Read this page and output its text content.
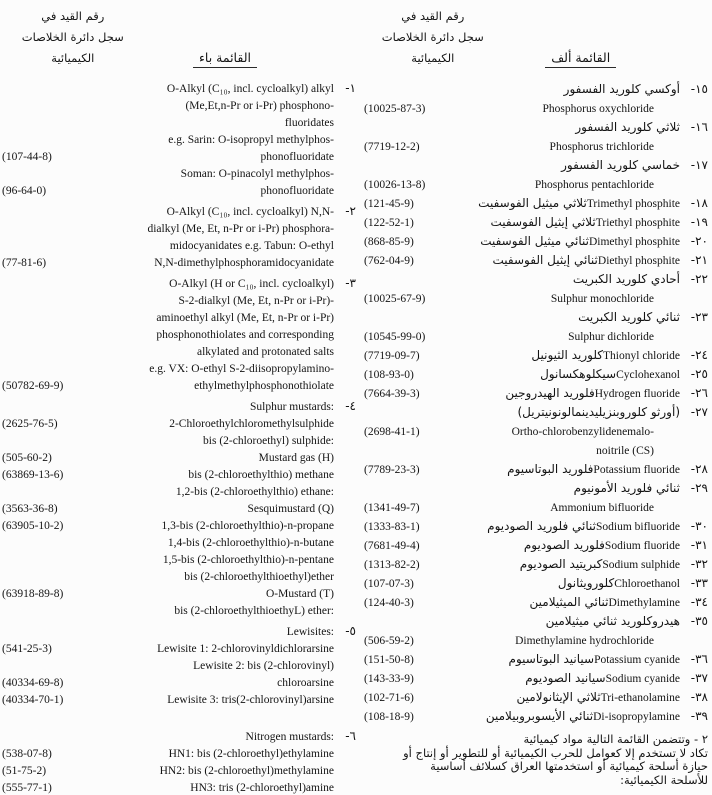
رقم القيد في
سجل دائرة الخلاصات
الكيميائية	القائمة باء
O-Alkyl (C₁₀, incl. cycloalkyl) alkyl ١-
(Me,Et,n-Pr or i-Pr) phosphono-
fluoridates
e.g. Sarin: O-isopropyl methylphos-
(107-44-8)	phonofluoridate
Soman: O-pinacolyl methylphos-
(96-64-0)	phonofluoridate
O-Alkyl (C₁₀, incl. cycloalkyl) N,N- ٢-
dialkyl (Me, Et, n-Pr or i-Pr) phosphora-
midocyanidates e.g. Tabun: O-ethyl
(77-81-6)	N,N-dimethylphosphoramidocyanidate
O-Alkyl (H or C₁₀, incl. cycloalkyl) ٣-
S-2-dialkyl (Me, Et, n-Pr or i-Pr)-
aminoethyl alkyl (Me, Et, n-Pr or i-Pr)
phosphonothiolates and corresponding
alkylated and protonated salts
e.g. VX: O-ethyl S-2-diisopropylamino-
(50782-69-9)	ethylmethylphosphonothiolate
Sulphur mustards: ٤-
(2625-76-5)	2-Chloroethylchloromethylsulphide
bis (2-chloroethyl) sulphide:
(505-60-2)	Mustard gas (H)
(63869-13-6)	bis (2-chloroethylthio) methane
1,2-bis (2-chloroethylthio) ethane:
(3563-36-8)	Sesquimustard (Q)
(63905-10-2)	1,3-bis (2-chloroethylthio)-n-propane
1,4-bis (2-chloroethylthio)-n-butane
1,5-bis (2-chloroethylthio)-n-pentane
bis (2-chloroethylthioethyl)ether
(63918-89-8)	O-Mustard (T)
bis (2-chloroethylthioethyL) ether:
Lewisites: ٥-
(541-25-3)	Lewisite 1: 2-chlorovinyldichlorarsine
Lewisite 2: bis (2-chlorovinyl)
(40334-69-8)	chloroarsine
(40334-70-1)	Lewisite 3: tris(2-chlorovinyl)arsine
Nitrogen mustards: ٦-
(538-07-8)	HN1: bis (2-chloroethyl)ethylamine
(51-75-2)	HN2: bis (2-chloroethyl)methylamine
(555-77-1)	HN3: tris (2-chloroethyl)amine
رقم القيد في
سجل دائرة الخلاصات
الكيميائية	القائمة ألف
أوكسي كلوريد الفسفور ١٥-
(10025-87-3)	Phosphorus oxychloride
ثلاثي كلوريد الفسفور ١٦-
(7719-12-2)	Phosphorus trichloride
خماسي كلوريد الفسفور ١٧-
(10026-13-8)	Phosphorus pentachloride
(121-45-9)	Trimethyl phosphiteثلاثي ميثيل الفوسفيت	١٨-
(122-52-1)	Triethyl phosphiteثلاثي إيثيل الفوسفيت	١٩-
(868-85-9)	Dimethyl phosphiteثنائي ميثيل الفوسفيت	٢٠-
(762-04-9)	Diethyl phosphiteثنائي إيثيل الفوسفيت	٢١-
أحادي كلوريد الكبريت ٢٢-
(10025-67-9)	Sulphur monochloride
ثنائي كلوريد الكبريت ٢٣-
(10545-99-0)	Sulphur dichloride
(7719-09-7)	Thionyl chlorideكلوريد الثيونيل	٢٤-
(108-93-0)	Cyclohexanolسيكلوهكسانول	٢٥-
(7664-39-3)	Hydrogen fluorideفلوريد الهيدروجين	٢٦-
(أورثو كلوروبنزيليدينمالونونيتريل) ٢٧-
(2698-41-1)	Ortho-chlorobenzylidenemalo-
noitrile (CS)
(7789-23-3)	Potassium fluorideفلوريد البوتاسيوم	٢٨-
ثنائي فلوريد الأمونيوم ٢٩-
(1341-49-7)	Ammonium bifluoride
(1333-83-1)	Sodium bifluorideثنائي فلوريد الصوديوم	٣٠-
(7681-49-4)	Sodium fluorideفلوريد الصوديوم	٣١-
(1313-82-2)	Sodium sulphideكبريتيد الصوديوم	٣٢-
(107-07-3)	Chloroethanolكلورويثانول	٣٣-
(124-40-3)	Dimethylamineثنائي الميثيلامين	٣٤-
هيدروكلوريد ثنائي ميثيلامين ٣٥-
(506-59-2)	Dimethylamine hydrochloride
(151-50-8)	Potassium cyanideسيانيد البوتاسيوم	٣٦-
(143-33-9)	Sodium cyanideسيانيد الصوديوم	٣٧-
(102-71-6)	Tri-ethanolamineثلاثي الإيثانولامين	٣٨-
(108-18-9)	Di-isopropylamineثنائي الأيسوبروبيلامين	٣٩-
٢ - وتتضمن القائمة التالية مواد كيميائية
تكاد لا تستخدم إلا كعوامل للحرب الكيميائية أو للتطوير أو إنتاج أو
حيازة أسلحة كيميائية أو استخدمتها العراق كسلائف أساسية
للأسلحة الكيميائية:
